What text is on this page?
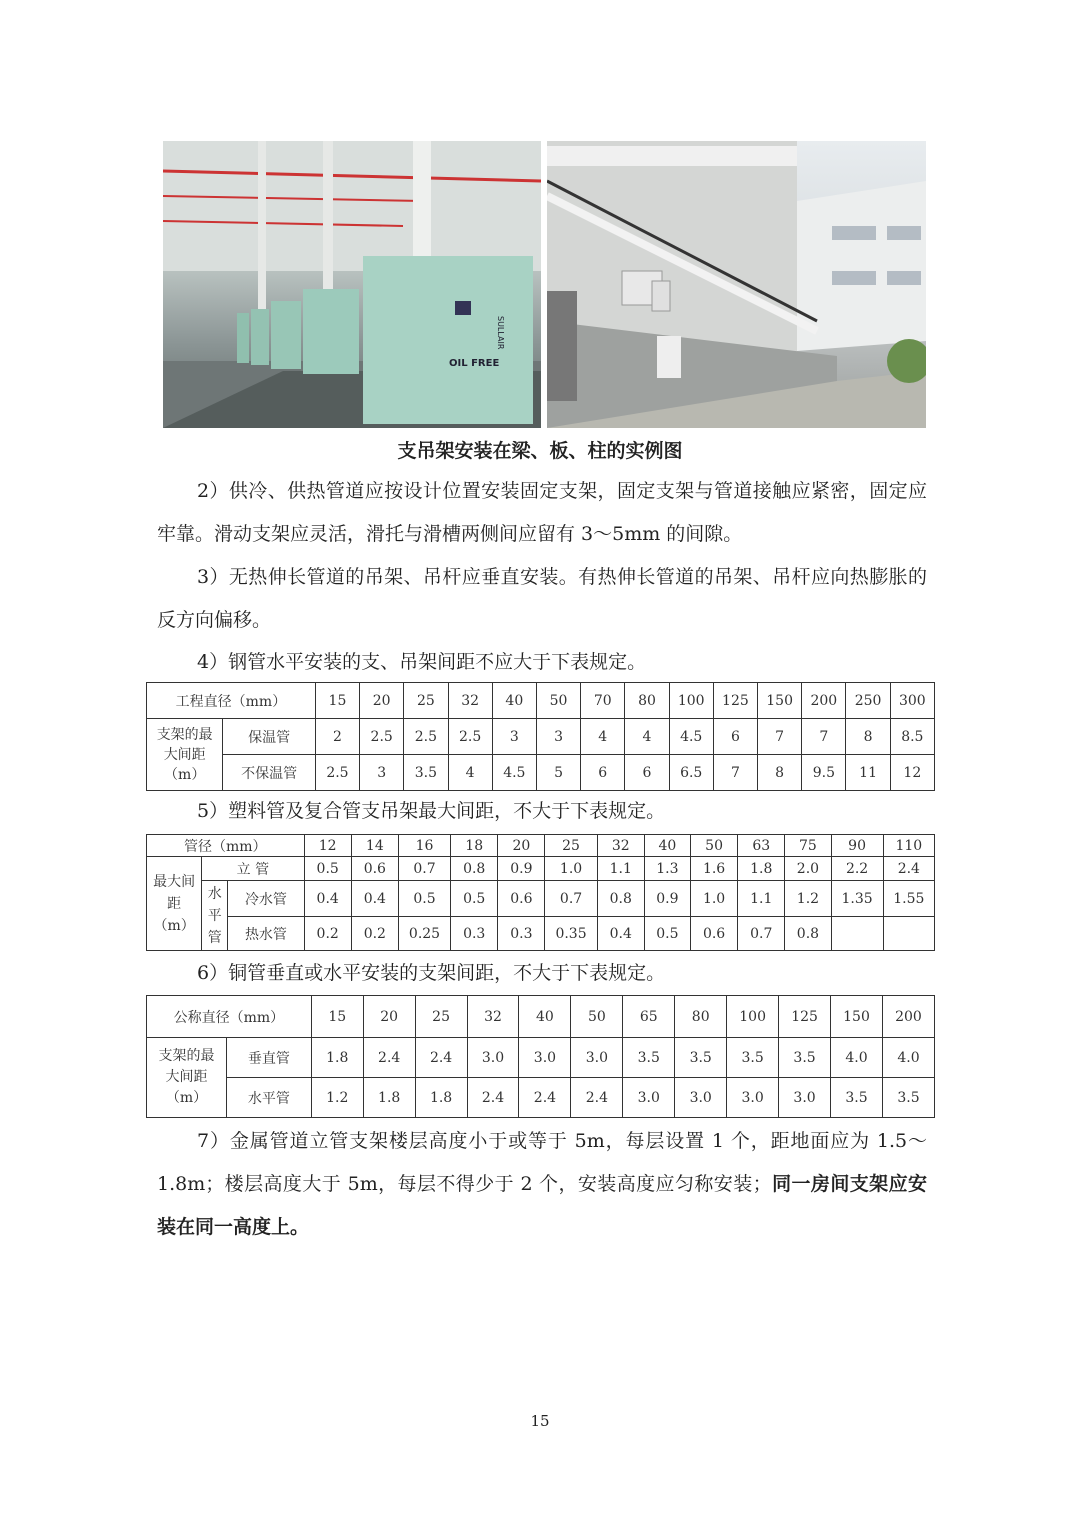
OIL FREE
SULLAIR
支吊架安装在梁、板、柱的实例图
2）供冷、供热管道应按设计位置安装固定支架，固定支架与管道接触应紧密，固定应牢靠。滑动支架应灵活，滑托与滑槽两侧间应留有 3～5mm 的间隙。
3）无热伸长管道的吊架、吊杆应垂直安装。有热伸长管道的吊架、吊杆应向热膨胀的反方向偏移。
4）钢管水平安装的支、吊架间距不应大于下表规定。
工程直径（mm）		15	20	25	32	40	50	70	80	100	125	150	200	250	300
支架的最大间距（m）	保温管	2	2.5	2.5	2.5	3	3	4	4	4.5	6	7	7	8	8.5
	不保温管	2.5	3	3.5	4	4.5	5	6	6	6.5	7	8	9.5	11	12
5）塑料管及复合管支吊架最大间距，不大于下表规定。
管径（mm）			12	14	16	18	20	25	32	40	50	63	75	90	110
最大间距（m）	立 管		0.5	0.6	0.7	0.8	0.9	1.0	1.1	1.3	1.6	1.8	2.0	2.2	2.4
	水平管	冷水管	0.4	0.4	0.5	0.5	0.6	0.7	0.8	0.9	1.0	1.1	1.2	1.35	1.55
		热水管	0.2	0.2	0.25	0.3	0.3	0.35	0.4	0.5	0.6	0.7	0.8		
6）铜管垂直或水平安装的支架间距，不大于下表规定。
公称直径（mm）		15	20	25	32	40	50	65	80	100	125	150	200
支架的最大间距（m）	垂直管	1.8	2.4	2.4	3.0	3.0	3.0	3.5	3.5	3.5	3.5	4.0	4.0
	水平管	1.2	1.8	1.8	2.4	2.4	2.4	3.0	3.0	3.0	3.0	3.5	3.5
7）金属管道立管支架楼层高度小于或等于 5m，每层设置 1 个，距地面应为 1.5～1.8m；楼层高度大于 5m，每层不得少于 2 个，安装高度应匀称安装；同一房间支架应安装在同一高度上。
15
